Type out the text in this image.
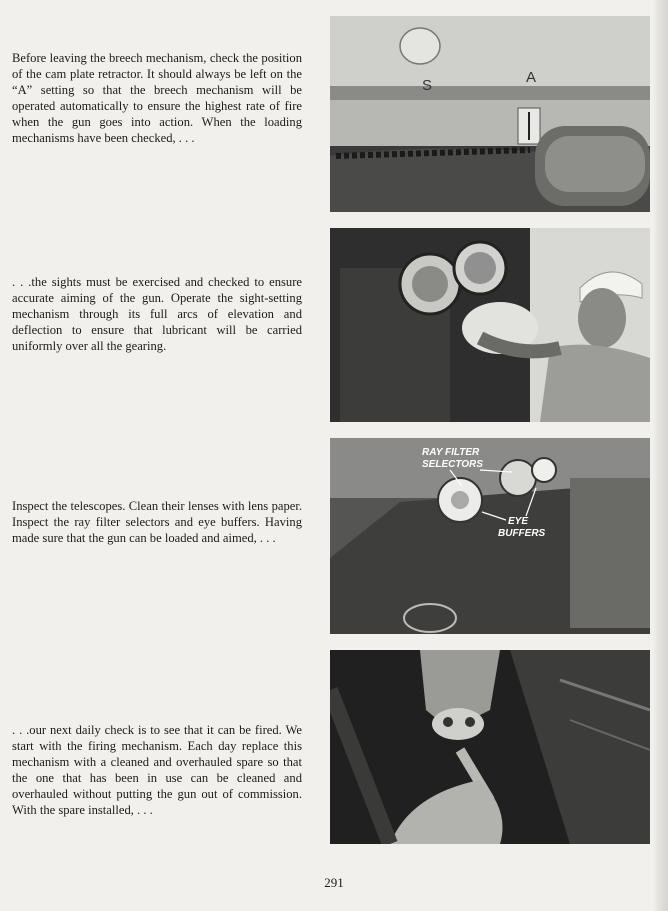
Before leaving the breech mechanism, check the position of the cam plate retractor. It should always be left on the “A” setting so that the breech mechanism will be operated automatically to ensure the highest rate of fire when the gun goes into action. When the loading mechanisms have been checked, . . .

. . .the sights must be exercised and checked to ensure accurate aiming of the gun. Operate the sight-setting mechanism through its full arcs of elevation and deflection to ensure that lubricant will be carried uniformly over all the gearing.

Inspect the telescopes. Clean their lenses with lens paper. Inspect the ray filter selectors and eye buffers. Having made sure that the gun can be loaded and aimed, . . .

. . .our next daily check is to see that it can be fired. We start with the firing mechanism. Each day replace this mechanism with a cleaned and overhauled spare so that the one that has been in use can be cleaned and overhauled without putting the gun out of commission. With the spare installed, . . .

S	A
RAY FILTER
SELECTORS
EYE
BUFFERS
291
